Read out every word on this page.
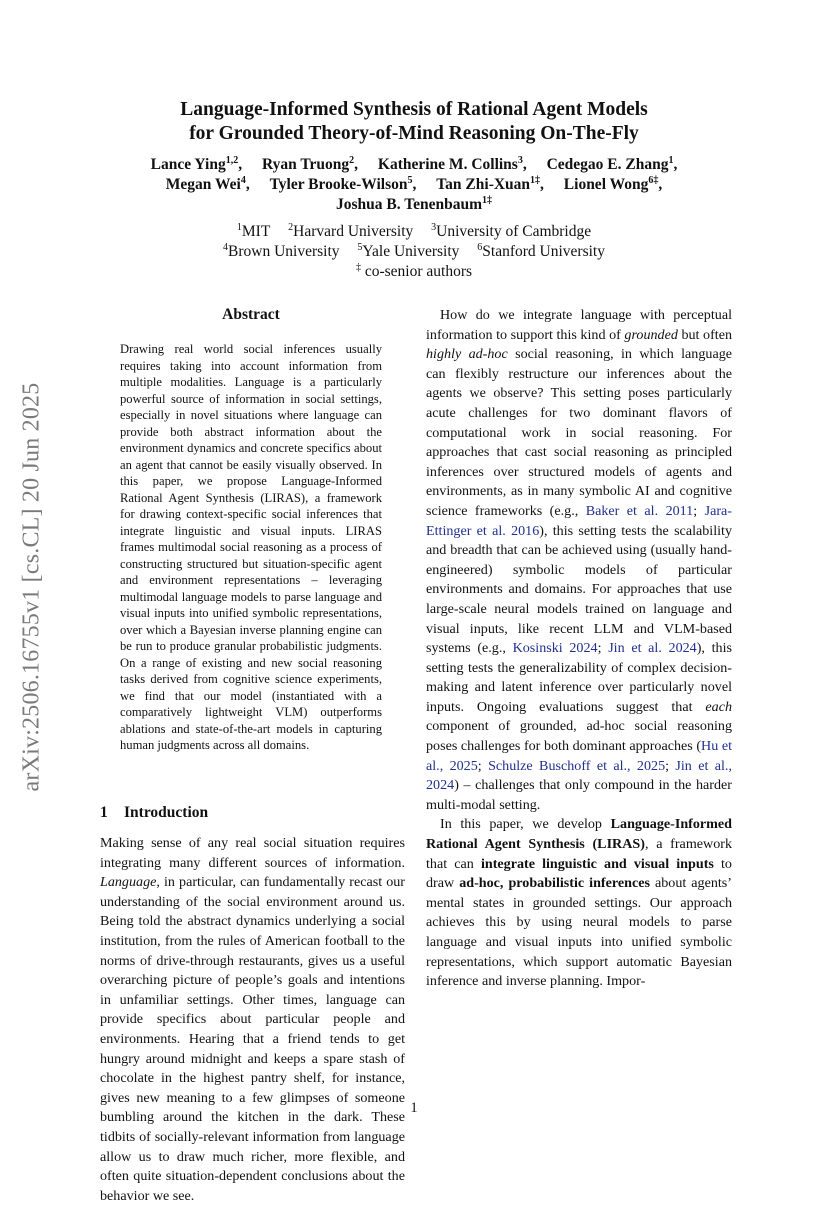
arXiv:2506.16755v1 [cs.CL] 20 Jun 2025
Language-Informed Synthesis of Rational Agent Models
for Grounded Theory-of-Mind Reasoning On-The-Fly
Lance Ying$^{1,2}$, Ryan Truong$^2$, Katherine M. Collins$^3$, Cedegao E. Zhang$^1$,
Megan Wei$^4$, Tyler Brooke-Wilson$^5$, Tan Zhi-Xuan$^{1\ddagger}$, Lionel Wong$^{6\ddagger}$,
Joshua B. Tenenbaum$^{1\ddagger}$
$^1$MIT $^2$Harvard University $^3$University of Cambridge
$^4$Brown University $^5$Yale University $^6$Stanford University
‡ co-senior authors
Abstract
Drawing real world social inferences usually requires taking into account information from multiple modalities. Language is a particularly powerful source of information in social settings, especially in novel situations where language can provide both abstract information about the environment dynamics and concrete specifics about an agent that cannot be easily visually observed. In this paper, we propose Language-Informed Rational Agent Synthesis (LIRAS), a framework for drawing context-specific social inferences that integrate linguistic and visual inputs. LIRAS frames multimodal social reasoning as a process of constructing structured but situation-specific agent and environment representations – leveraging multimodal language models to parse language and visual inputs into unified symbolic representations, over which a Bayesian inverse planning engine can be run to produce granular probabilistic judgments. On a range of existing and new social reasoning tasks derived from cognitive science experiments, we find that our model (instantiated with a comparatively lightweight VLM) outperforms ablations and state-of-the-art models in capturing human judgments across all domains.
1 Introduction
Making sense of any real social situation requires integrating many different sources of information. Language, in particular, can fundamentally recast our understanding of the social environment around us. Being told the abstract dynamics underlying a social institution, from the rules of American football to the norms of drive-through restaurants, gives us a useful overarching picture of people’s goals and intentions in unfamiliar settings. Other times, language can provide specifics about particular people and environments. Hearing that a friend tends to get hungry around midnight and keeps a spare stash of chocolate in the highest pantry shelf, for instance, gives new meaning to a few glimpses of someone bumbling around the kitchen in the dark. These tidbits of socially-relevant information from language allow us to draw much richer, more flexible, and often quite situation-dependent conclusions about the behavior we see.

How do we integrate language with perceptual information to support this kind of grounded but often highly ad-hoc social reasoning, in which language can flexibly restructure our inferences about the agents we observe? This setting poses particularly acute challenges for two dominant flavors of computational work in social reasoning. For approaches that cast social reasoning as principled inferences over structured models of agents and environments, as in many symbolic AI and cognitive science frameworks (e.g., Baker et al. 2011; Jara-Ettinger et al. 2016), this setting tests the scalability and breadth that can be achieved using (usually hand-engineered) symbolic models of particular environments and domains. For approaches that use large-scale neural models trained on language and visual inputs, like recent LLM and VLM-based systems (e.g., Kosinski 2024; Jin et al. 2024), this setting tests the generalizability of complex decision-making and latent inference over particularly novel inputs. Ongoing evaluations suggest that each component of grounded, ad-hoc social reasoning poses challenges for both dominant approaches (Hu et al., 2025; Schulze Buschoff et al., 2025; Jin et al., 2024) – challenges that only compound in the harder multi-modal setting.

In this paper, we develop Language-Informed Rational Agent Synthesis (LIRAS), a framework that can integrate linguistic and visual inputs to draw ad-hoc, probabilistic inferences about agents’ mental states in grounded settings. Our approach achieves this by using neural models to parse language and visual inputs into unified symbolic representations, which support automatic Bayesian inference and inverse planning. Impor-

1
